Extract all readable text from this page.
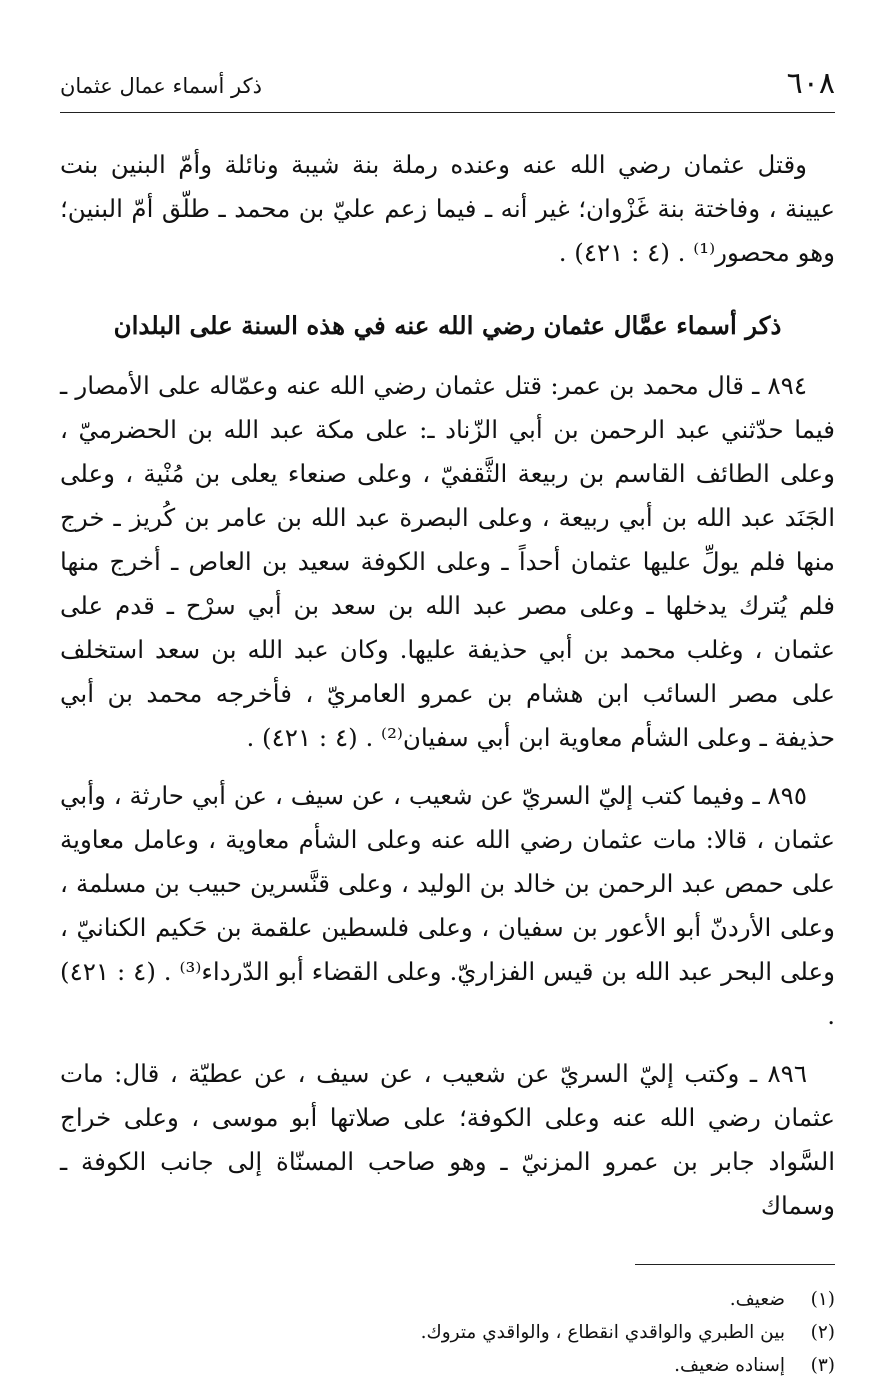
٦٠٨
ذكر أسماء عمال عثمان

وقتل عثمان رضي الله عنه وعنده رملة بنة شيبة ونائلة وأمّ البنين بنت عيينة ، وفاختة بنة غَزْوان؛ غير أنه ـ فيما زعم عليّ بن محمد ـ طلّق أمّ البنين؛ وهو محصور⁽¹⁾ . (٤ : ٤٢١) .

ذكر أسماء عمَّال عثمان رضي الله عنه في هذه السنة على البلدان

٨٩٤ ـ قال محمد بن عمر: قتل عثمان رضي الله عنه وعمّاله على الأمصار ـ فيما حدّثني عبد الرحمن بن أبي الزّناد ـ: على مكة عبد الله بن الحضرميّ ، وعلى الطائف القاسم بن ربيعة الثَّقفيّ ، وعلى صنعاء يعلى بن مُنْية ، وعلى الجَنَد عبد الله بن أبي ربيعة ، وعلى البصرة عبد الله بن عامر بن كُريز ـ خرج منها فلم يولِّ عليها عثمان أحداً ـ وعلى الكوفة سعيد بن العاص ـ أخرج منها فلم يُترك يدخلها ـ وعلى مصر عبد الله بن سعد بن أبي سرْح ـ قدم على عثمان ، وغلب محمد بن أبي حذيفة عليها. وكان عبد الله بن سعد استخلف على مصر السائب ابن هشام بن عمرو العامريّ ، فأخرجه محمد بن أبي حذيفة ـ وعلى الشأم معاوية ابن أبي سفيان⁽²⁾ . (٤ : ٤٢١) .

٨٩٥ ـ وفيما كتب إليّ السريّ عن شعيب ، عن سيف ، عن أبي حارثة ، وأبي عثمان ، قالا: مات عثمان رضي الله عنه وعلى الشأم معاوية ، وعامل معاوية على حمص عبد الرحمن بن خالد بن الوليد ، وعلى قنَّسرين حبيب بن مسلمة ، وعلى الأردنّ أبو الأعور بن سفيان ، وعلى فلسطين علقمة بن حَكيم الكنانيّ ، وعلى البحر عبد الله بن قيس الفزاريّ. وعلى القضاء أبو الدّرداء⁽³⁾ . (٤ : ٤٢١) .

٨٩٦ ـ وكتب إليّ السريّ عن شعيب ، عن سيف ، عن عطيّة ، قال: مات عثمان رضي الله عنه وعلى الكوفة؛ على صلاتها أبو موسى ، وعلى خراج السَّواد جابر بن عمرو المزنيّ ـ وهو صاحب المسنّاة إلى جانب الكوفة ـ وسماك

(١)
ضعيف.
(٢)
بين الطبري والواقدي انقطاع ، والواقدي متروك.
(٣)
إسناده ضعيف.
